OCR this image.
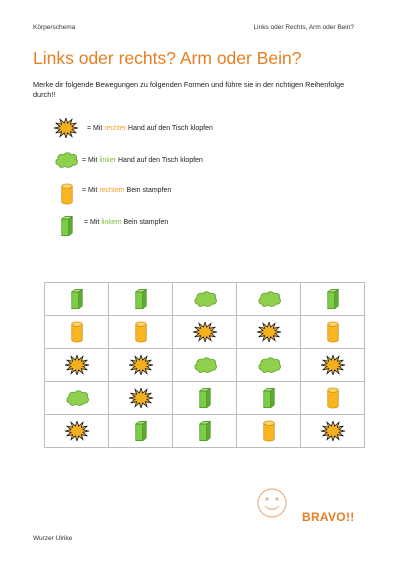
Körperschema	Links oder Rechts, Arm oder Bein?
Links oder rechts? Arm oder Bein?
Merke dir folgende Bewegungen zu folgenden Formen und führe sie in der richtigen Reihenfolge durch!!
= Mit rechter Hand auf den Tisch klopfen
= Mit linker Hand auf den Tisch klopfen
= Mit rechtem Bein stampfen
= Mit linkem Bein stampfen

BRAVO!!
Wurzer Ulrike
